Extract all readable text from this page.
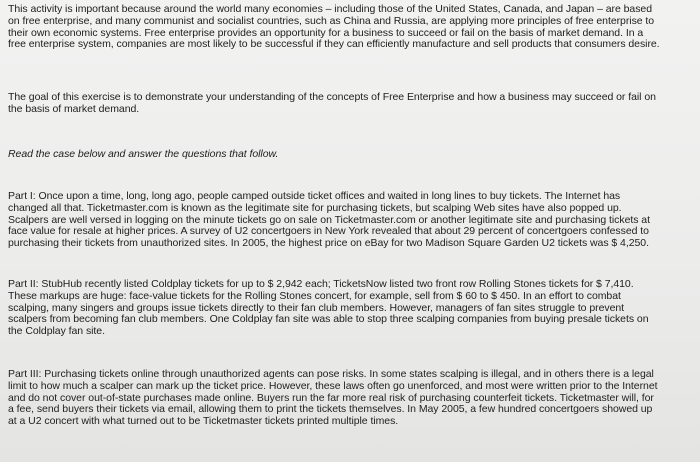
This activity is important because around the world many economies – including those of the United States, Canada, and Japan – are based on free enterprise, and many communist and socialist countries, such as China and Russia, are applying more principles of free enterprise to their own economic systems. Free enterprise provides an opportunity for a business to succeed or fail on the basis of market demand. In a free enterprise system, companies are most likely to be successful if they can efficiently manufacture and sell products that consumers desire.

The goal of this exercise is to demonstrate your understanding of the concepts of Free Enterprise and how a business may succeed or fail on the basis of market demand.

Read the case below and answer the questions that follow.

Part I: Once upon a time, long, long ago, people camped outside ticket offices and waited in long lines to buy tickets. The Internet has changed all that. Ticketmaster.com is known as the legitimate site for purchasing tickets, but scalping Web sites have also popped up. Scalpers are well versed in logging on the minute tickets go on sale on Ticketmaster.com or another legitimate site and purchasing tickets at face value for resale at higher prices. A survey of U2 concertgoers in New York revealed that about 29 percent of concertgoers confessed to purchasing their tickets from unauthorized sites. In 2005, the highest price on eBay for two Madison Square Garden U2 tickets was $ 4,250.

Part II: StubHub recently listed Coldplay tickets for up to $ 2,942 each; TicketsNow listed two front row Rolling Stones tickets for $ 7,410. These markups are huge: face-value tickets for the Rolling Stones concert, for example, sell from $ 60 to $ 450. In an effort to combat scalping, many singers and groups issue tickets directly to their fan club members. However, managers of fan sites struggle to prevent scalpers from becoming fan club members. One Coldplay fan site was able to stop three scalping companies from buying presale tickets on the Coldplay fan site.

Part III: Purchasing tickets online through unauthorized agents can pose risks. In some states scalping is illegal, and in others there is a legal limit to how much a scalper can mark up the ticket price. However, these laws often go unenforced, and most were written prior to the Internet and do not cover out-of-state purchases made online. Buyers run the far more real risk of purchasing counterfeit tickets. Ticketmaster will, for a fee, send buyers their tickets via email, allowing them to print the tickets themselves. In May 2005, a few hundred concertgoers showed up at a U2 concert with what turned out to be Ticketmaster tickets printed multiple times.
